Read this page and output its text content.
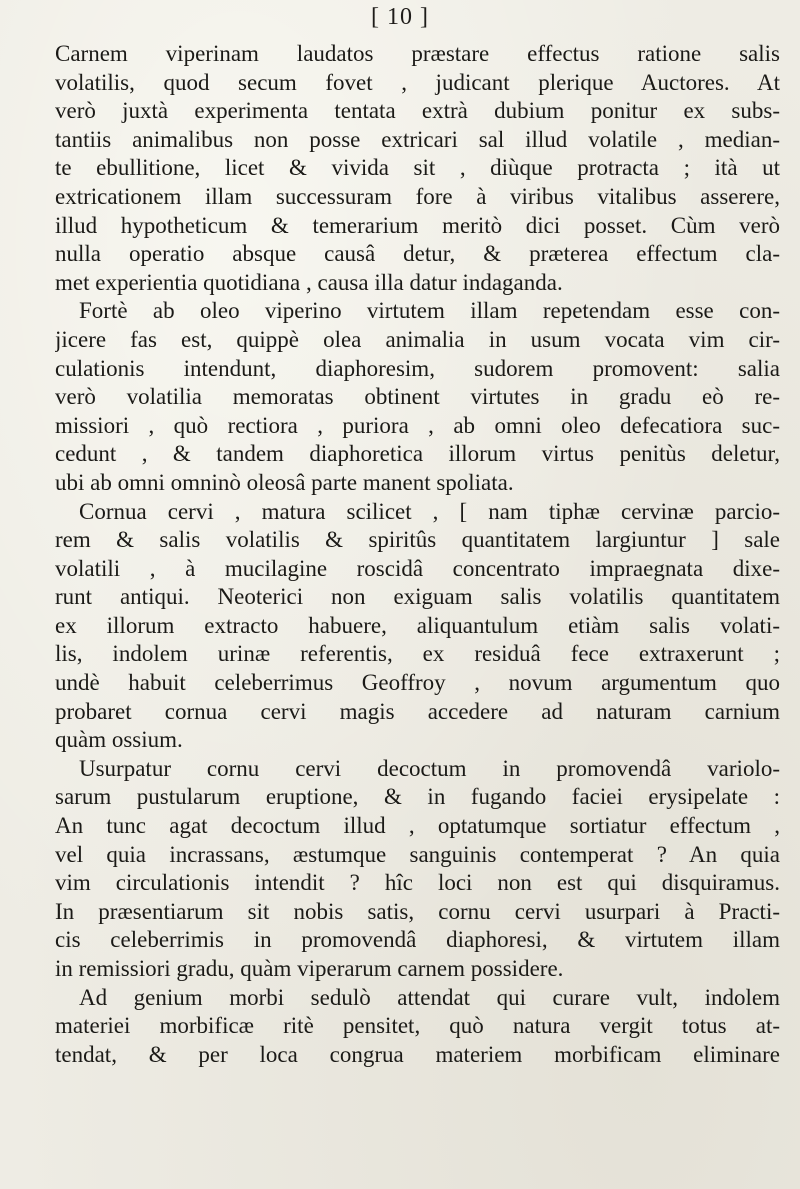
[ 10 ]
Carnem viperinam laudatos præstare effectus ratione salis
volatilis, quod secum fovet , judicant plerique Auctores. At
verò juxtà experimenta tentata extrà dubium ponitur ex subs-
tantiis animalibus non posse extricari sal illud volatile , median-
te ebullitione, licet & vivida sit , diùque protracta ; ità ut
extricationem illam successuram fore à viribus vitalibus asserere,
illud hypotheticum & temerarium meritò dici posset. Cùm verò
nulla operatio absque causâ detur, & præterea effectum cla-
met experientia quotidiana , causa illa datur indaganda.
Fortè ab oleo viperino virtutem illam repetendam esse con-
jicere fas est, quippè olea animalia in usum vocata vim cir-
culationis intendunt, diaphoresim, sudorem promovent: salia
verò volatilia memoratas obtinent virtutes in gradu eò re-
missiori , quò rectiora , puriora , ab omni oleo defecatiora suc-
cedunt , & tandem diaphoretica illorum virtus penitùs deletur,
ubi ab omni omninò oleosâ parte manent spoliata.
Cornua cervi , matura scilicet , [ nam tiphæ cervinæ parcio-
rem & salis volatilis & spiritûs quantitatem largiuntur ] sale
volatili , à mucilagine roscidâ concentrato impraegnata dixe-
runt antiqui. Neoterici non exiguam salis volatilis quantitatem
ex illorum extracto habuere, aliquantulum etiàm salis volati-
lis, indolem urinæ referentis, ex residuâ fece extraxerunt ;
undè habuit celeberrimus Geoffroy , novum argumentum quo
probaret cornua cervi magis accedere ad naturam carnium
quàm ossium.
Usurpatur cornu cervi decoctum in promovendâ variolo-
sarum pustularum eruptione, & in fugando faciei erysipelate :
An tunc agat decoctum illud , optatumque sortiatur effectum ,
vel quia incrassans, æstumque sanguinis contemperat ? An quia
vim circulationis intendit ? hîc loci non est qui disquiramus.
In præsentiarum sit nobis satis, cornu cervi usurpari à Practi-
cis celeberrimis in promovendâ diaphoresi, & virtutem illam
in remissiori gradu, quàm viperarum carnem possidere.
Ad genium morbi sedulò attendat qui curare vult, indolem
materiei morbificæ ritè pensitet, quò natura vergit totus at-
tendat, & per loca congrua materiem morbificam eliminare
